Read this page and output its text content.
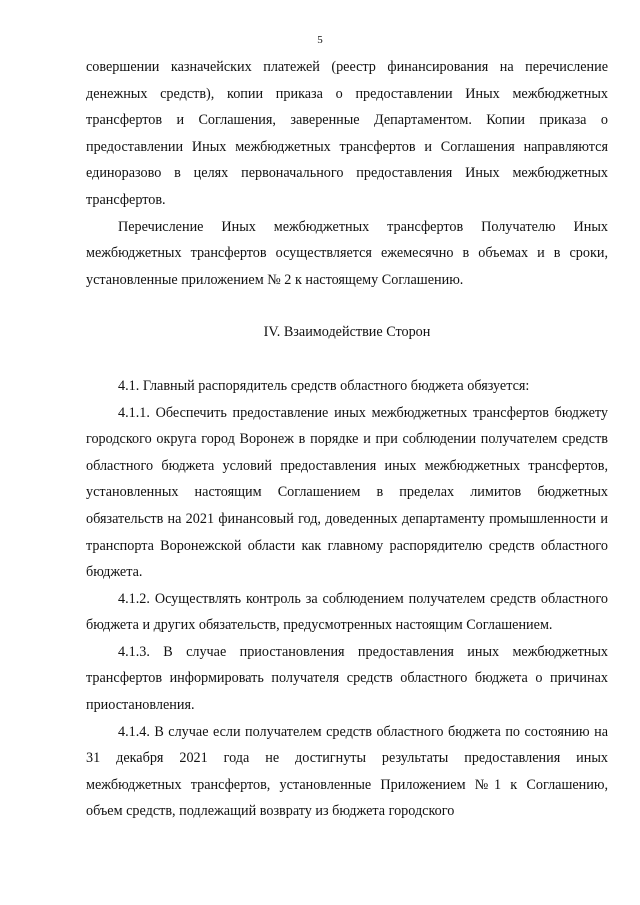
5

совершении казначейских платежей (реестр финансирования на перечисление денежных средств), копии приказа о предоставлении Иных межбюджетных трансфертов и Соглашения, заверенные Департаментом. Копии приказа о предоставлении Иных межбюджетных трансфертов и Соглашения направляются единоразово в целях первоначального предоставления Иных межбюджетных трансфертов.

Перечисление Иных межбюджетных трансфертов Получателю Иных межбюджетных трансфертов осуществляется ежемесячно в объемах и в сроки, установленные приложением № 2 к настоящему Соглашению.

IV. Взаимодействие Сторон

4.1. Главный распорядитель средств областного бюджета обязуется:

4.1.1. Обеспечить предоставление иных межбюджетных трансфертов бюджету городского округа город Воронеж в порядке и при соблюдении получателем средств областного бюджета условий предоставления иных межбюджетных трансфертов, установленных настоящим Соглашением в пределах лимитов бюджетных обязательств на 2021 финансовый год, доведенных департаменту промышленности и транспорта Воронежской области как главному распорядителю средств областного бюджета.

4.1.2. Осуществлять контроль за соблюдением получателем средств областного бюджета и других обязательств, предусмотренных настоящим Соглашением.

4.1.3. В случае приостановления предоставления иных межбюджетных трансфертов информировать получателя средств областного бюджета о причинах приостановления.

4.1.4. В случае если получателем средств областного бюджета по состоянию на 31 декабря 2021 года не достигнуты результаты предоставления иных межбюджетных трансфертов, установленные Приложением №1 к Соглашению, объем средств, подлежащий возврату из бюджета городского
